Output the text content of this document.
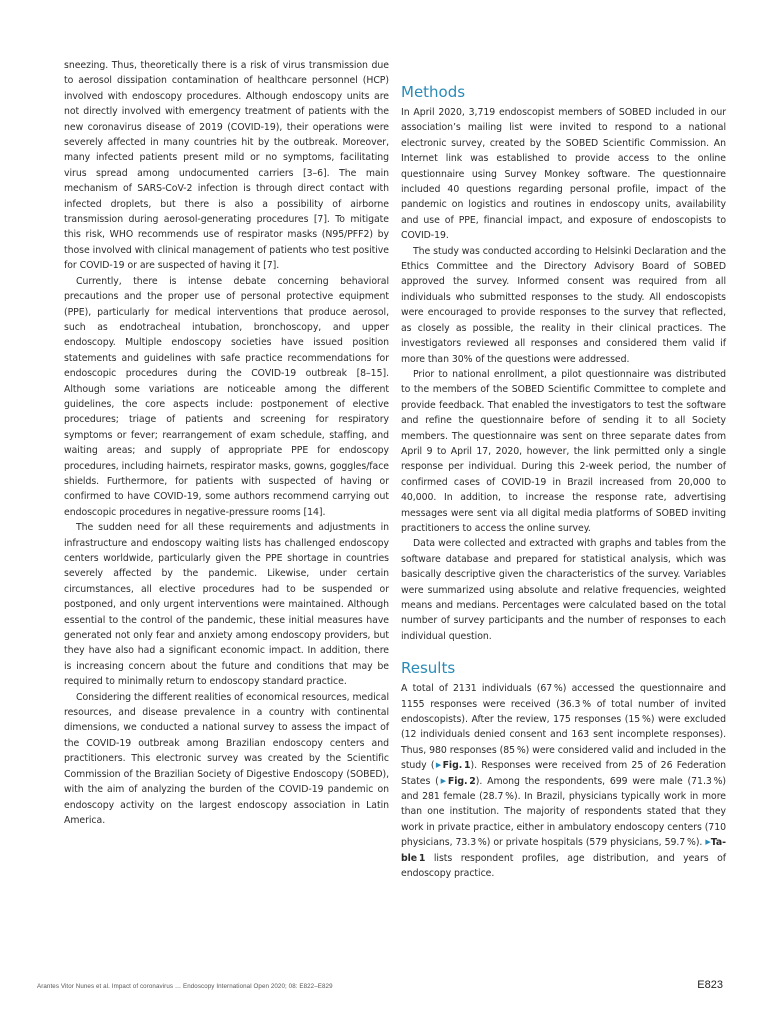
sneezing. Thus, theoretically there is a risk of virus transmission due to aerosol dissipation contamination of healthcare personnel (HCP) involved with endoscopy procedures. Although endoscopy units are not directly involved with emergency treatment of patients with the new coronavirus disease of 2019 (COVID-19), their operations were severely affected in many countries hit by the outbreak. Moreover, many infected patients present mild or no symptoms, facilitating virus spread among undocumented carriers [3–6]. The main mechanism of SARS-CoV-2 infection is through direct contact with infected droplets, but there is also a possibility of airborne transmission during aerosol-generating procedures [7]. To mitigate this risk, WHO recommends use of respirator masks (N95/PFF2) by those involved with clinical management of patients who test positive for COVID-19 or are suspected of having it [7].

Currently, there is intense debate concerning behavioral precautions and the proper use of personal protective equipment (PPE), particularly for medical interventions that produce aerosol, such as endotracheal intubation, bronchoscopy, and upper endoscopy. Multiple endoscopy societies have issued position statements and guidelines with safe practice recommendations for endoscopic procedures during the COVID-19 outbreak [8–15]. Although some variations are noticeable among the different guidelines, the core aspects include: postponement of elective procedures; triage of patients and screening for respiratory symptoms or fever; rearrangement of exam schedule, staffing, and waiting areas; and supply of appropriate PPE for endoscopy procedures, including hairnets, respirator masks, gowns, goggles/face shields. Furthermore, for patients with suspected of having or confirmed to have COVID-19, some authors recommend carrying out endoscopic procedures in negative-pressure rooms [14].

The sudden need for all these requirements and adjustments in infrastructure and endoscopy waiting lists has challenged endoscopy centers worldwide, particularly given the PPE shortage in countries severely affected by the pandemic. Likewise, under certain circumstances, all elective procedures had to be suspended or postponed, and only urgent interventions were maintained. Although essential to the control of the pandemic, these initial measures have generated not only fear and anxiety among endoscopy providers, but they have also had a significant economic impact. In addition, there is increasing concern about the future and conditions that may be required to minimally return to endoscopy standard practice.

Considering the different realities of economical resources, medical resources, and disease prevalence in a country with continental dimensions, we conducted a national survey to assess the impact of the COVID-19 outbreak among Brazilian endoscopy centers and practitioners. This electronic survey was created by the Scientific Commission of the Brazilian Society of Digestive Endoscopy (SOBED), with the aim of analyzing the burden of the COVID-19 pandemic on endoscopy activity on the largest endoscopy association in Latin America.

Methods

In April 2020, 3,719 endoscopist members of SOBED included in our association’s mailing list were invited to respond to a national electronic survey, created by the SOBED Scientific Commission. An Internet link was established to provide access to the online questionnaire using Survey Monkey software. The questionnaire included 40 questions regarding personal profile, impact of the pandemic on logistics and routines in endoscopy units, availability and use of PPE, financial impact, and exposure of endoscopists to COVID-19.

The study was conducted according to Helsinki Declaration and the Ethics Committee and the Directory Advisory Board of SOBED approved the survey. Informed consent was required from all individuals who submitted responses to the study. All endoscopists were encouraged to provide responses to the survey that reflected, as closely as possible, the reality in their clinical practices. The investigators reviewed all responses and considered them valid if more than 30% of the questions were addressed.

Prior to national enrollment, a pilot questionnaire was distributed to the members of the SOBED Scientific Committee to complete and provide feedback. That enabled the investigators to test the software and refine the questionnaire before of sending it to all Society members. The questionnaire was sent on three separate dates from April 9 to April 17, 2020, however, the link permitted only a single response per individual. During this 2-week period, the number of confirmed cases of COVID-19 in Brazil increased from 20,000 to 40,000. In addition, to increase the response rate, advertising messages were sent via all digital media platforms of SOBED inviting practitioners to access the online survey.

Data were collected and extracted with graphs and tables from the software database and prepared for statistical analysis, which was basically descriptive given the characteristics of the survey. Variables were summarized using absolute and relative frequencies, weighted means and medians. Percentages were calculated based on the total number of survey participants and the number of responses to each individual question.

Results

A total of 2131 individuals (67 %) accessed the questionnaire and 1155 responses were received (36.3 % of total number of invited endoscopists). After the review, 175 responses (15 %) were excluded (12 individuals denied consent and 163 sent incomplete responses). Thus, 980 responses (85 %) were considered valid and included in the study (▶Fig. 1). Responses were received from 25 of 26 Federation States (▶Fig. 2). Among the respondents, 699 were male (71.3 %) and 281 female (28.7 %). In Brazil, physicians typically work in more than one institution. The majority of respondents stated that they work in private practice, either in ambulatory endoscopy centers (710 physicians, 73.3 %) or private hospitals (579 physicians, 59.7 %). ▶Table 1 lists respondent profiles, age distribution, and years of endoscopy practice.

Arantes Vitor Nunes et al. Impact of coronavirus … Endoscopy International Open 2020; 08: E822–E829	E823
